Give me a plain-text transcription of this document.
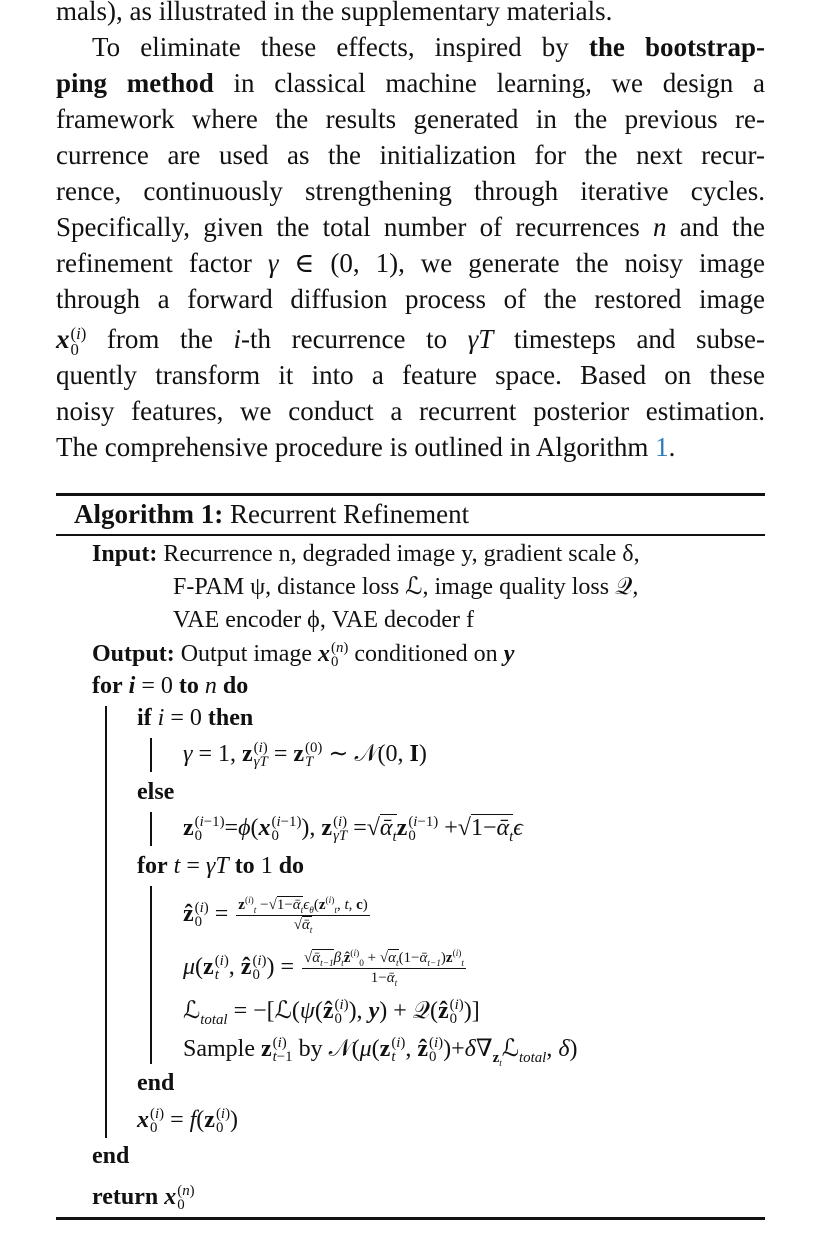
mals), as illustrated in the supplementary materials.
To eliminate these effects, inspired by the bootstrap-
ping method in classical machine learning, we design a
framework where the results generated in the previous re-
currence are used as the initialization for the next recur-
rence, continuously strengthening through iterative cycles.
Specifically, given the total number of recurrences n and the
refinement factor γ ∈ (0, 1), we generate the noisy image
through a forward diffusion process of the restored image
x (i)
0 from the i-th recurrence to γT timesteps and subse-
quently transform it into a feature space. Based on these
noisy features, we conduct a recurrent posterior estimation.
The comprehensive procedure is outlined in Algorithm 1.
Algorithm 1: Recurrent Refinement
Input: Recurrence n, degraded image y, gradient scale δ,
F-PAM ψ, distance loss ℒ, image quality loss 𝒬,
VAE encoder ϕ, VAE decoder f
Output: Output image x (n)
0 conditioned on y
for i = 0 to n do
if i = 0 then
γ = 1, z (i)
γT = z (0)
T ∼ 𝒩(0, I)
else
z (i−1)
0 =ϕ(x (i−1)
0 ), z (i)
γT =√ᾱ$_t$z (i−1)
0 +√1−ᾱ$_t$ϵ
for t = γT to 1 do
ẑ (i)
$0 = \frac{z^{(i)}_t -√1-ᾱ_t\epsilon_\theta(z^{(i)}_t, t, c)}{√ᾱ_t}$
μ(z (i)
t , ẑ (i)
0 ) = $\frac{√ᾱ_{t-1}\beta_tẑ^{(i)}_0 + √\alpha_t(1-ᾱ_{t-1})z^{(i)}_t}{1-ᾱ_t}$
ℒ$_{total}$ = −[ℒ(ψ(ẑ (i)
0 ), y) + 𝒬(ẑ (i)
0 )]
Sample z (i)
t−1 by 𝒩(μ(z (i)
t , ẑ (i)
0 )$+\delta\nabla_{z_t}ℒ_{total}$, δ)
end
x (i)
0 = f(z (i)
0 )
end
return x (n)
0
